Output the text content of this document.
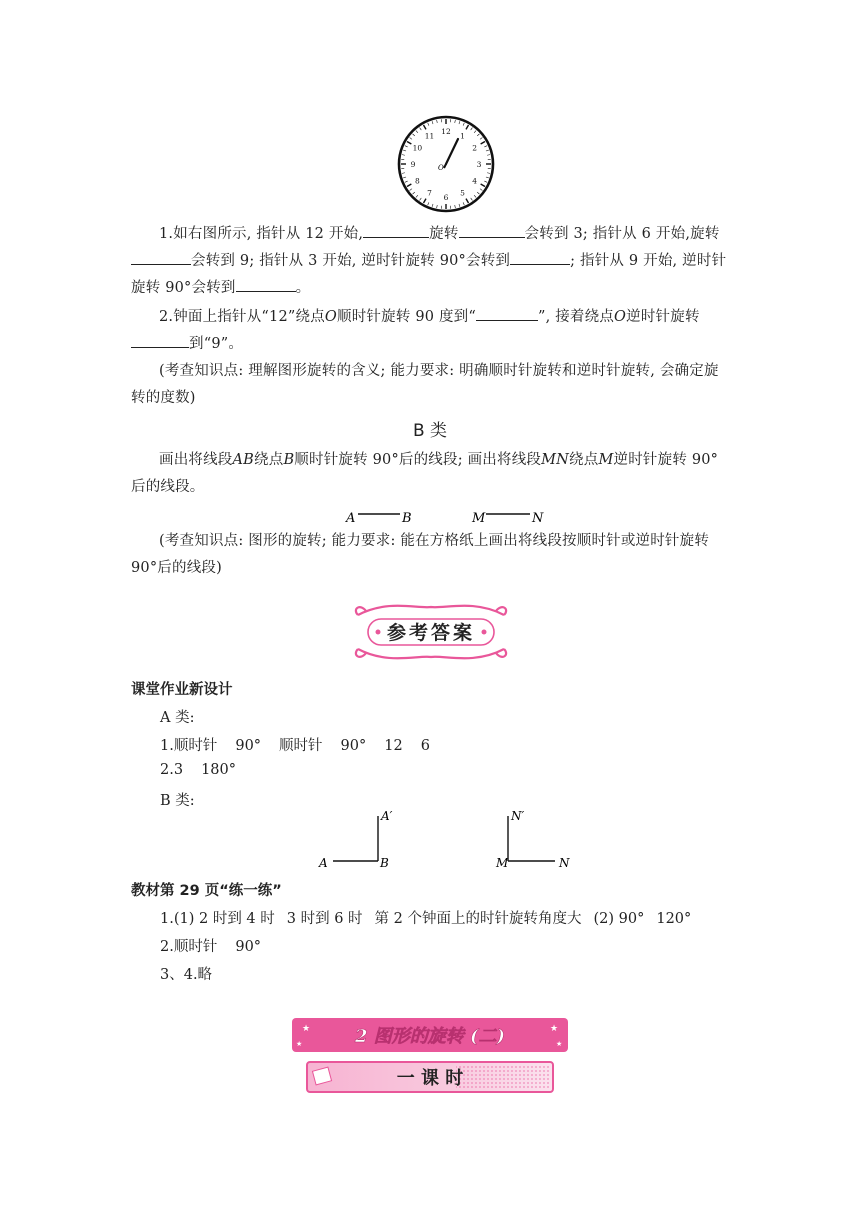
12 1
2
3
4
5
6
7
8
9
10
11
O
1.如右图所示, 指针从 12 开始,	旋转	会转到 3; 指针从 6 开始,旋转会转到 9; 指针从 3 开始, 逆时针旋转 90°会转到	; 指针从 9 开始, 逆时针旋转 90°会转到	。
2.钟面上指针从“12”绕点O顺时针旋转 90 度到“	”, 接着绕点O逆时针旋转到“9”。
(考查知识点: 理解图形旋转的含义; 能力要求: 明确顺时针旋转和逆时针旋转, 会确定旋转的度数)
B 类
画出将线段AB绕点B顺时针旋转 90°后的线段; 画出将线段MN绕点M逆时针旋转 90°后的线段。
A	B	M	N
(考查知识点: 图形的旋转; 能力要求: 能在方格纸上画出将线段按顺时针或逆时针旋转 90°后的线段)
参考答案
课堂作业新设计
A 类:
1.顺时针 90° 顺时针 90° 12 6
2.3 180°
B 类:
A	B
A′
M	N
N′
教材第 29 页“练一练”
1.(1) 2 时到 4 时 3 时到 6 时 第 2 个钟面上的时针旋转角度大 (2) 90° 120°
2.顺时针 90°
3、4.略
★
★
★
★
2 图形的旋转 (二)
一 课 时
